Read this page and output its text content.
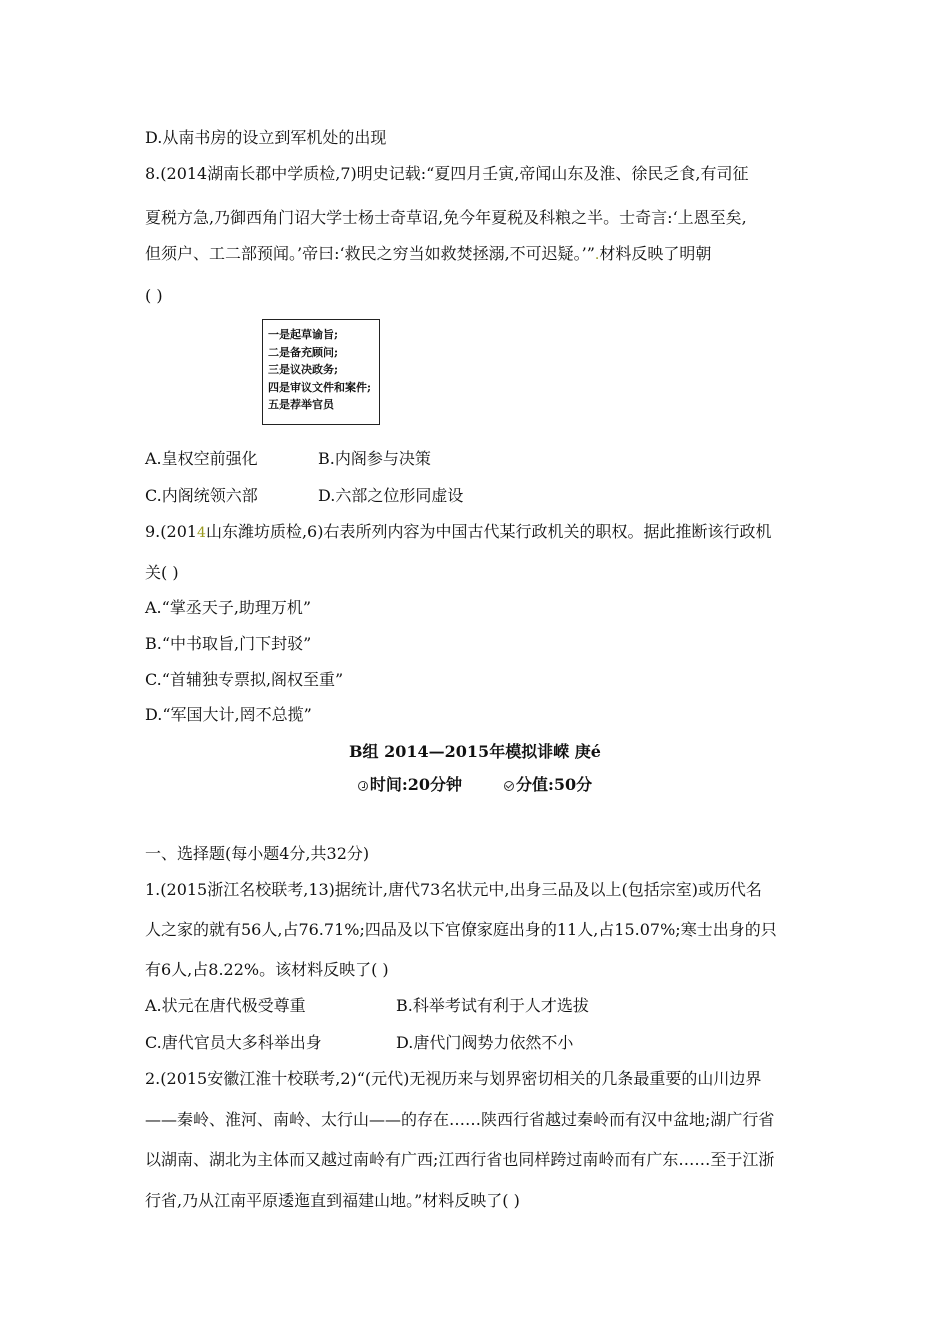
D.从南书房的设立到军机处的出现
8.(2014湖南长郡中学质检,7)明史记载:“夏四月壬寅,帝闻山东及淮、徐民乏食,有司征
夏税方急,乃御西角门诏大学士杨士奇草诏,免今年夏税及科粮之半。士奇言:‘上恩至矣,
但须户、工二部预闻。’帝曰:‘救民之穷当如救焚拯溺,不可迟疑。’”.材料反映了明朝
( )
一是起草谕旨;
二是备充顾问;
三是议决政务;
四是审议文件和案件;
五是荐举官员
A.皇权空前强化	B.内阁参与决策
C.内阁统领六部	D.六部之位形同虚设
9.(2014山东潍坊质检,6)右表所列内容为中国古代某行政机关的职权。据此推断该行政机
关( )
A.“掌丞天子,助理万机”
B.“中书取旨,门下封驳”
C.“首辅独专票拟,阁权至重”
D.“军国大计,罔不总揽”
B组 2014—2015年模拟诽嵘 庚é
时间:20分钟	分值:50分
一、选择题(每小题4分,共32分)
1.(2015浙江名校联考,13)据统计,唐代73名状元中,出身三品及以上(包括宗室)或历代名
人之家的就有56人,占76.71%;四品及以下官僚家庭出身的11人,占15.07%;寒士出身的只
有6人,占8.22%。该材料反映了( )
A.状元在唐代极受尊重	B.科举考试有利于人才选拔
C.唐代官员大多科举出身	D.唐代门阀势力依然不小
2.(2015安徽江淮十校联考,2)“(元代)无视历来与划界密切相关的几条最重要的山川边界
——秦岭、淮河、南岭、太行山——的存在……陕西行省越过秦岭而有汉中盆地;湖广行省
以湖南、湖北为主体而又越过南岭有广西;江西行省也同样跨过南岭而有广东……至于江浙
行省,乃从江南平原逶迤直到福建山地。”材料反映了( )
